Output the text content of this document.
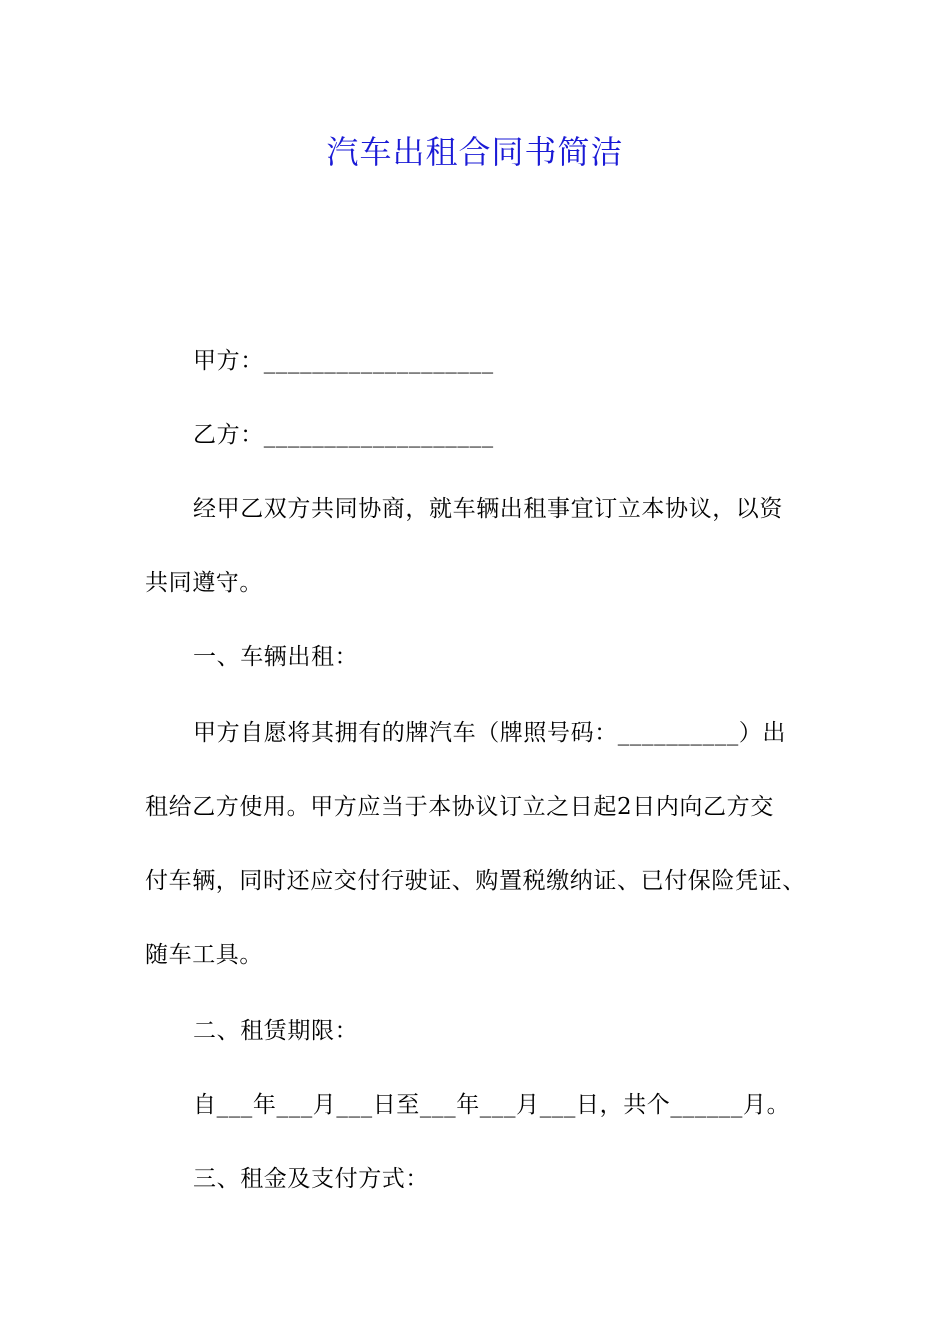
汽车出租合同书简洁
甲方：___________________
乙方：___________________
经甲乙双方共同协商，就车辆出租事宜订立本协议，以资
共同遵守。
一、车辆出租：
甲方自愿将其拥有的牌汽车（牌照号码：__________）出
租给乙方使用。甲方应当于本协议订立之日起2日内向乙方交
付车辆，同时还应交付行驶证、购置税缴纳证、已付保险凭证、
随车工具。
二、租赁期限：
自___年___月___日至___年___月___日，共个______月。
三、租金及支付方式：
